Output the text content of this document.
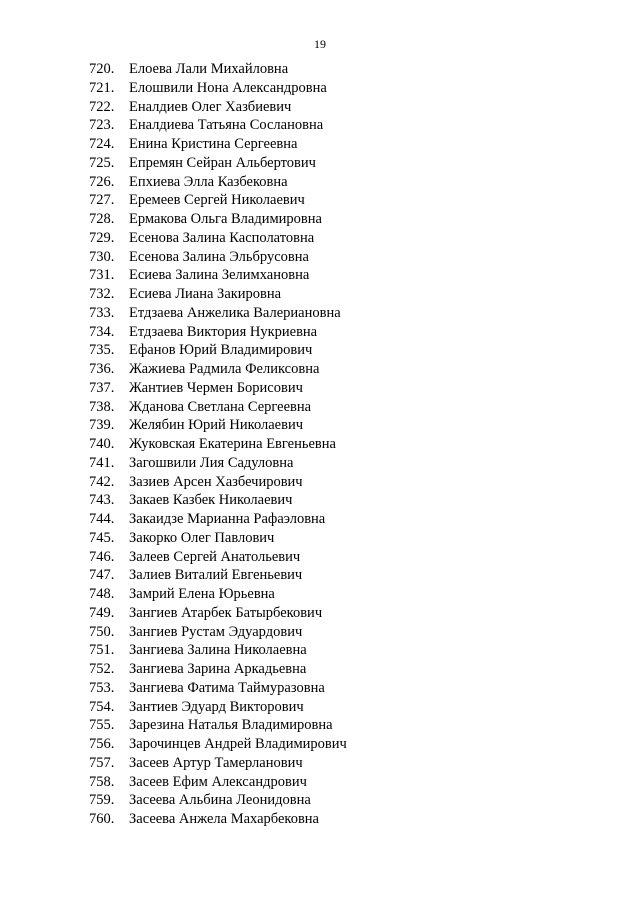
19
720. Елоева Лали Михайловна
721. Елошвили Нона Александровна
722. Еналдиев Олег Хазбиевич
723. Еналдиева Татьяна Сослановна
724. Енина Кристина Сергеевна
725. Епремян Сейран Альбертович
726. Епхиева Элла Казбековна
727. Еремеев Сергей Николаевич
728. Ермакова Ольга Владимировна
729. Есенова Залина Касполатовна
730. Есенова Залина Эльбрусовна
731. Есиева Залина Зелимхановна
732. Есиева Лиана Закировна
733. Етдзаева Анжелика Валериановна
734. Етдзаева Виктория Нукриевна
735. Ефанов Юрий Владимирович
736. Жажиева Радмила Феликсовна
737. Жантиев Чермен Борисович
738. Жданова Светлана Сергеевна
739. Желябин Юрий Николаевич
740. Жуковская Екатерина Евгеньевна
741. Загошвили Лия Садуловна
742. Зазиев Арсен Хазбечирович
743. Закаев Казбек Николаевич
744. Закаидзе Марианна Рафаэловна
745. Закорко Олег Павлович
746. Залеев Сергей Анатольевич
747. Залиев Виталий Евгеньевич
748. Замрий Елена Юрьевна
749. Зангиев Атарбек Батырбекович
750. Зангиев Рустам Эдуардович
751. Зангиева Залина Николаевна
752. Зангиева Зарина Аркадьевна
753. Зангиева Фатима Таймуразовна
754. Зантиев Эдуард Викторович
755. Зарезина Наталья Владимировна
756. Зарочинцев Андрей Владимирович
757. Засеев Артур Тамерланович
758. Засеев Ефим Александрович
759. Засеева Альбина Леонидовна
760. Засеева Анжела Махарбековна
